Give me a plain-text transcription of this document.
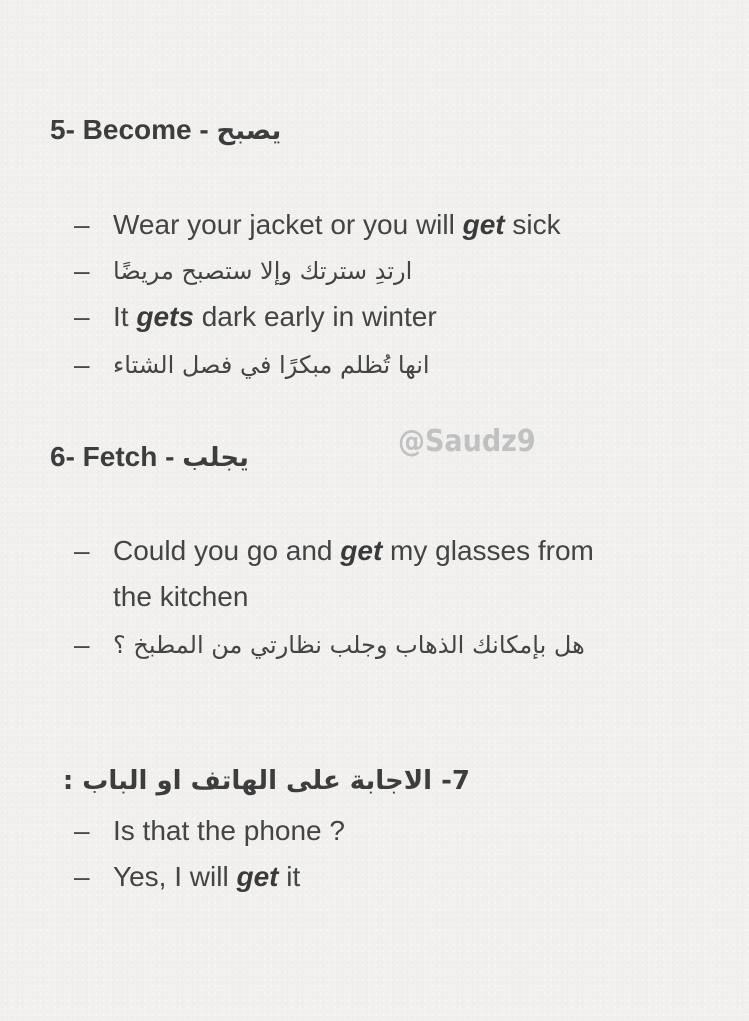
5- Become - يصبح
– Wear your jacket or you will get sick
– ارتدِ سترتك وإلا ستصبح مريضًا
– It gets dark early in winter
– انها تُظلم مبكرًا في فصل الشتاء
6- Fetch - يجلب	@Saudz9
– Could you go and get my glasses from
the kitchen
– هل بإمكانك الذهاب وجلب نظارتي من المطبخ ؟
7- الاجابة على الهاتف او الباب :
– Is that the phone ?
– Yes, I will get it
